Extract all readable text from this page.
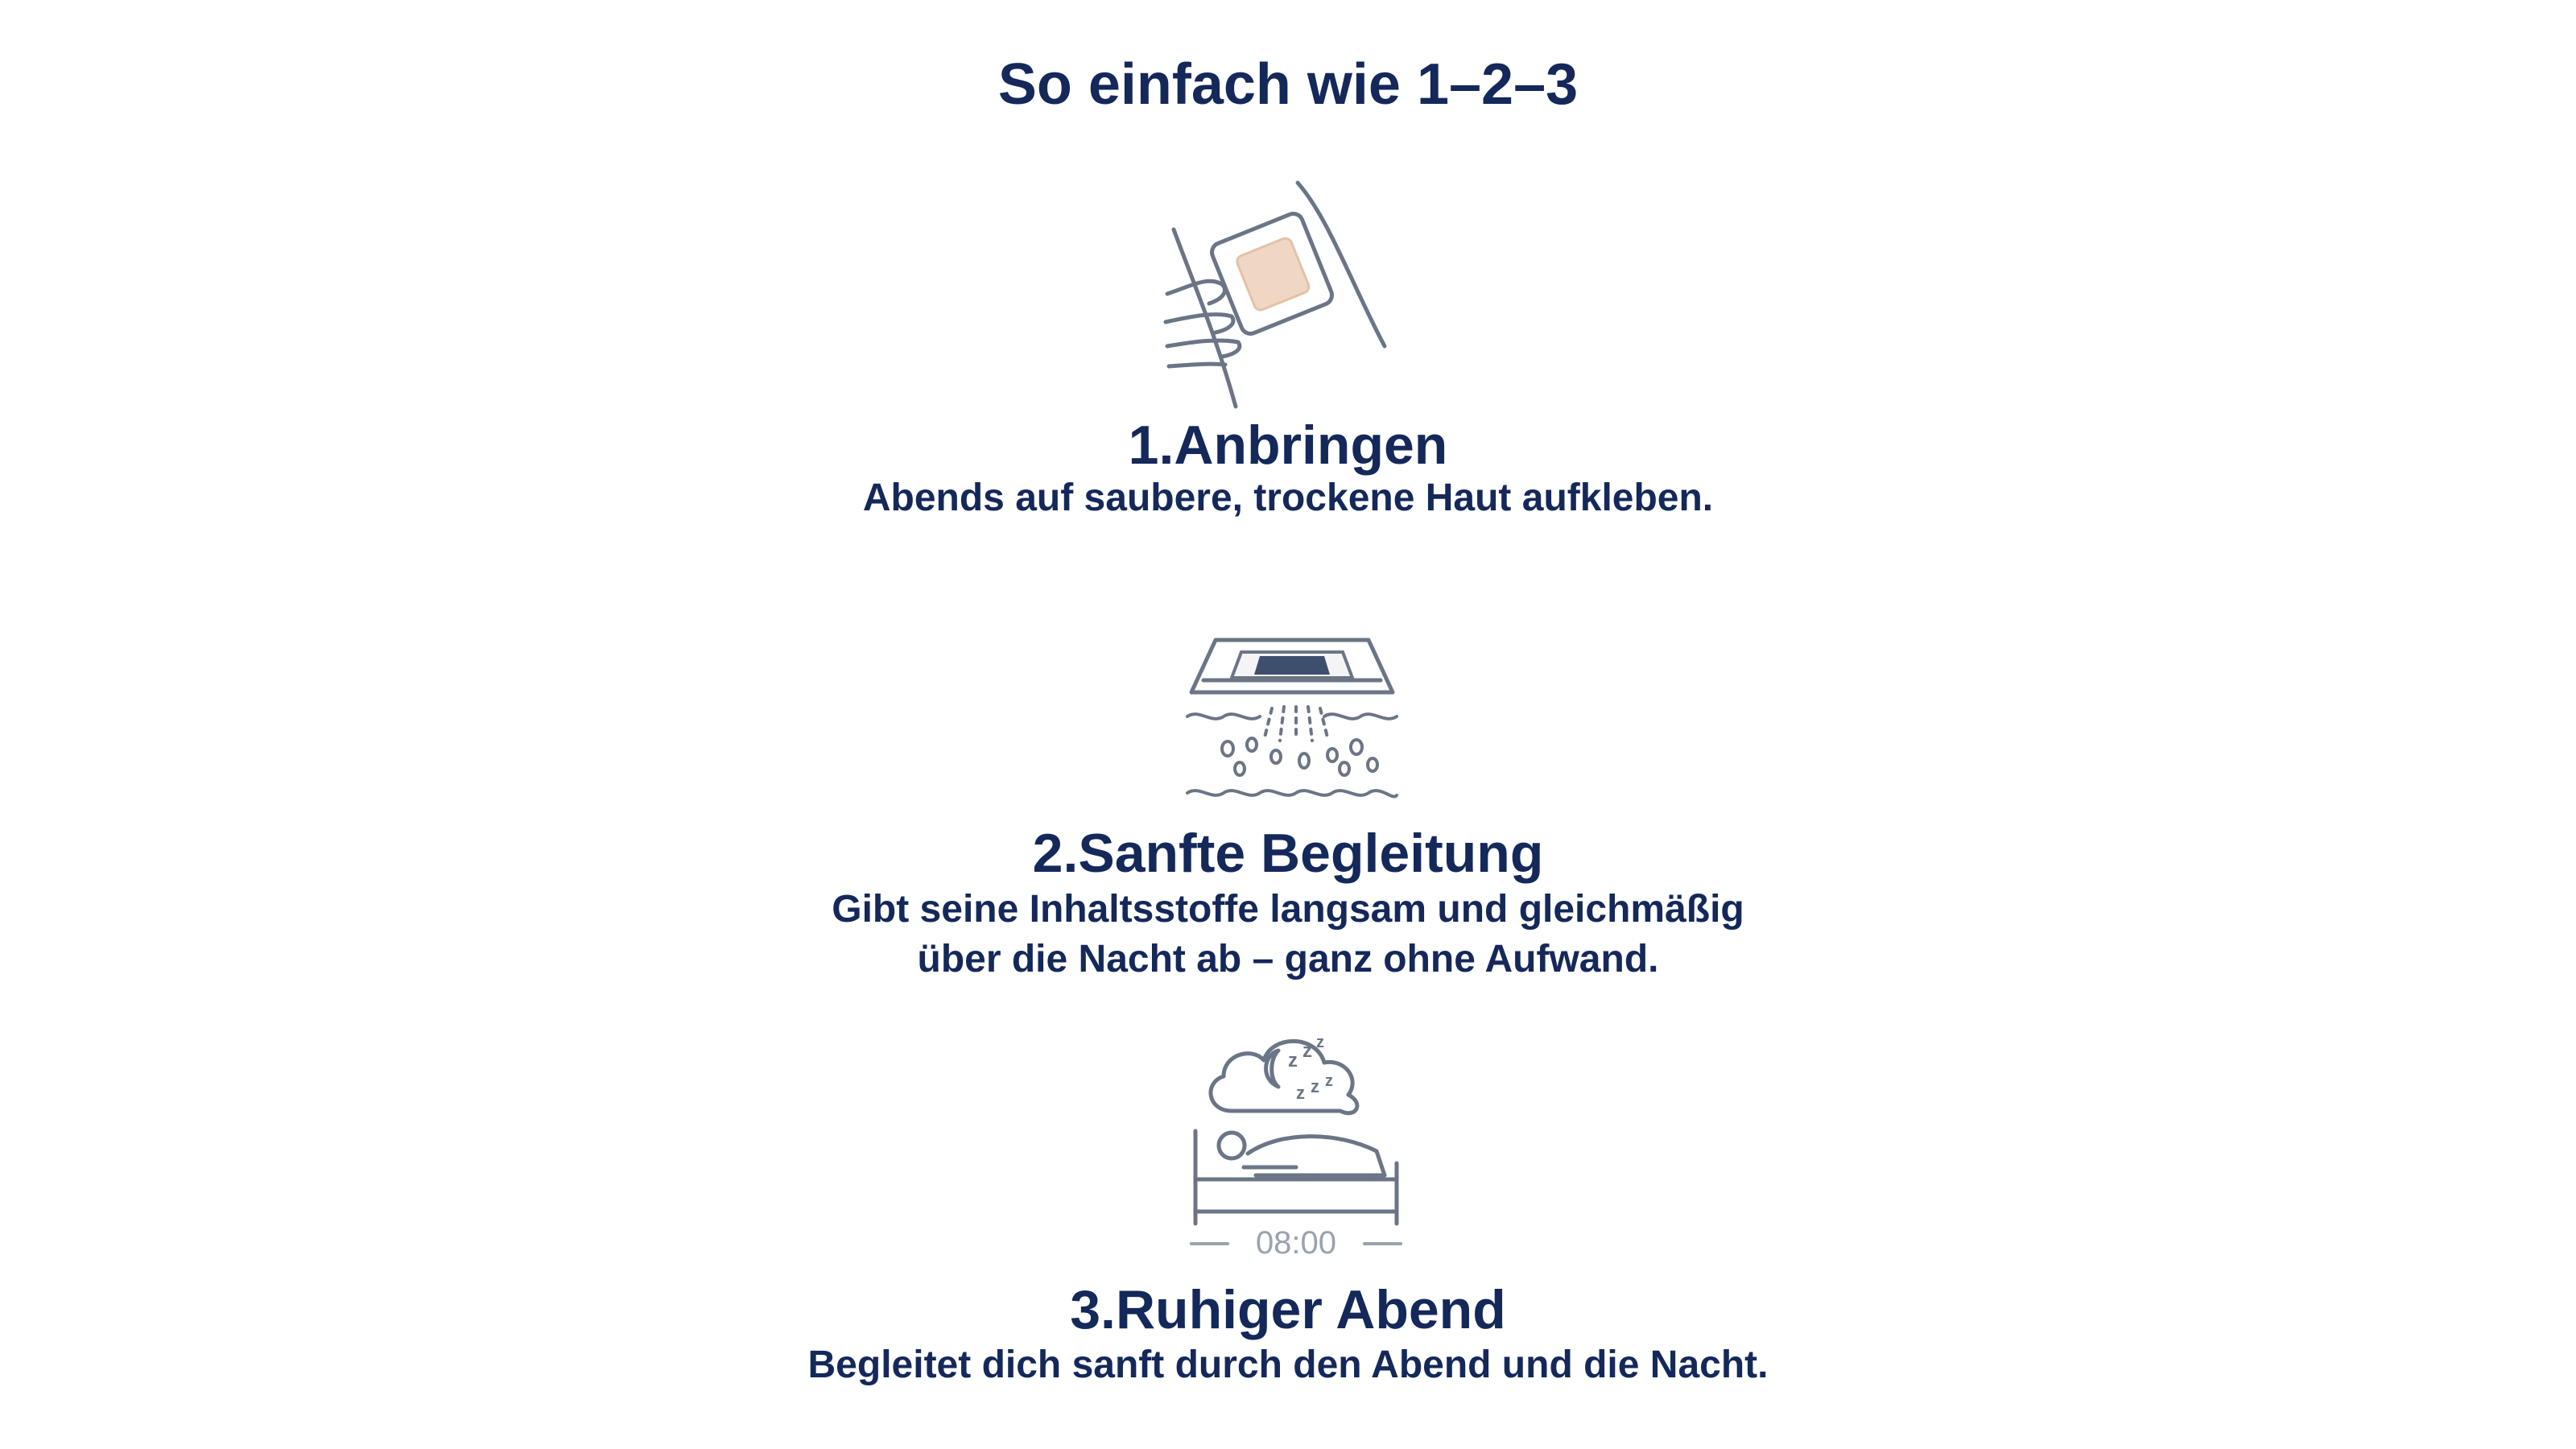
So einfach wie 1–2–3
1.Anbringen

Abends auf saubere, trockene Haut aufkleben.

2.Sanfte Begleitung

Gibt seine Inhaltsstoffe langsam und gleichmäßig
über die Nacht ab – ganz ohne Aufwand.

z z z
z z z
08:00
3.Ruhiger Abend

Begleitet dich sanft durch den Abend und die Nacht.
